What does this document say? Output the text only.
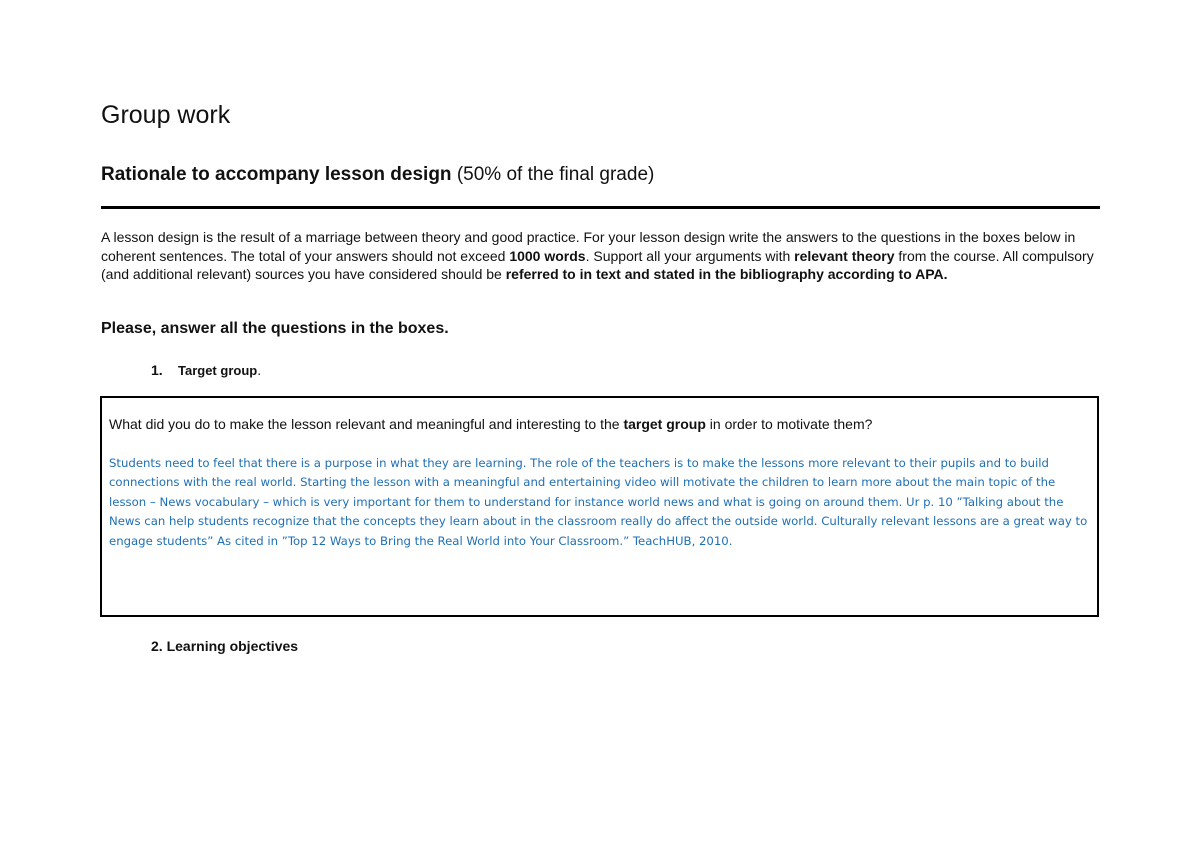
Group work
Rationale to accompany lesson design (50% of the final grade)

A lesson design is the result of a marriage between theory and good practice. For your lesson design write the answers to the questions in the boxes below in coherent sentences. The total of your answers should not exceed 1000 words. Support all your arguments with relevant theory from the course. All compulsory (and additional relevant) sources you have considered should be referred to in text and stated in the bibliography according to APA.

Please, answer all the questions in the boxes.

1. Target group.

What did you do to make the lesson relevant and meaningful and interesting to the target group in order to motivate them?

Students need to feel that there is a purpose in what they are learning. The role of the teachers is to make the lessons more relevant to their pupils and to build connections with the real world. Starting the lesson with a meaningful and entertaining video will motivate the children to learn more about the main topic of the lesson – News vocabulary – which is very important for them to understand for instance world news and what is going on around them. Ur p. 10 ”Talking about the News can help students recognize that the concepts they learn about in the classroom really do affect the outside world. Culturally relevant lessons are a great way to engage students” As cited in ”Top 12 Ways to Bring the Real World into Your Classroom.” TeachHUB, 2010.

2. Learning objectives
